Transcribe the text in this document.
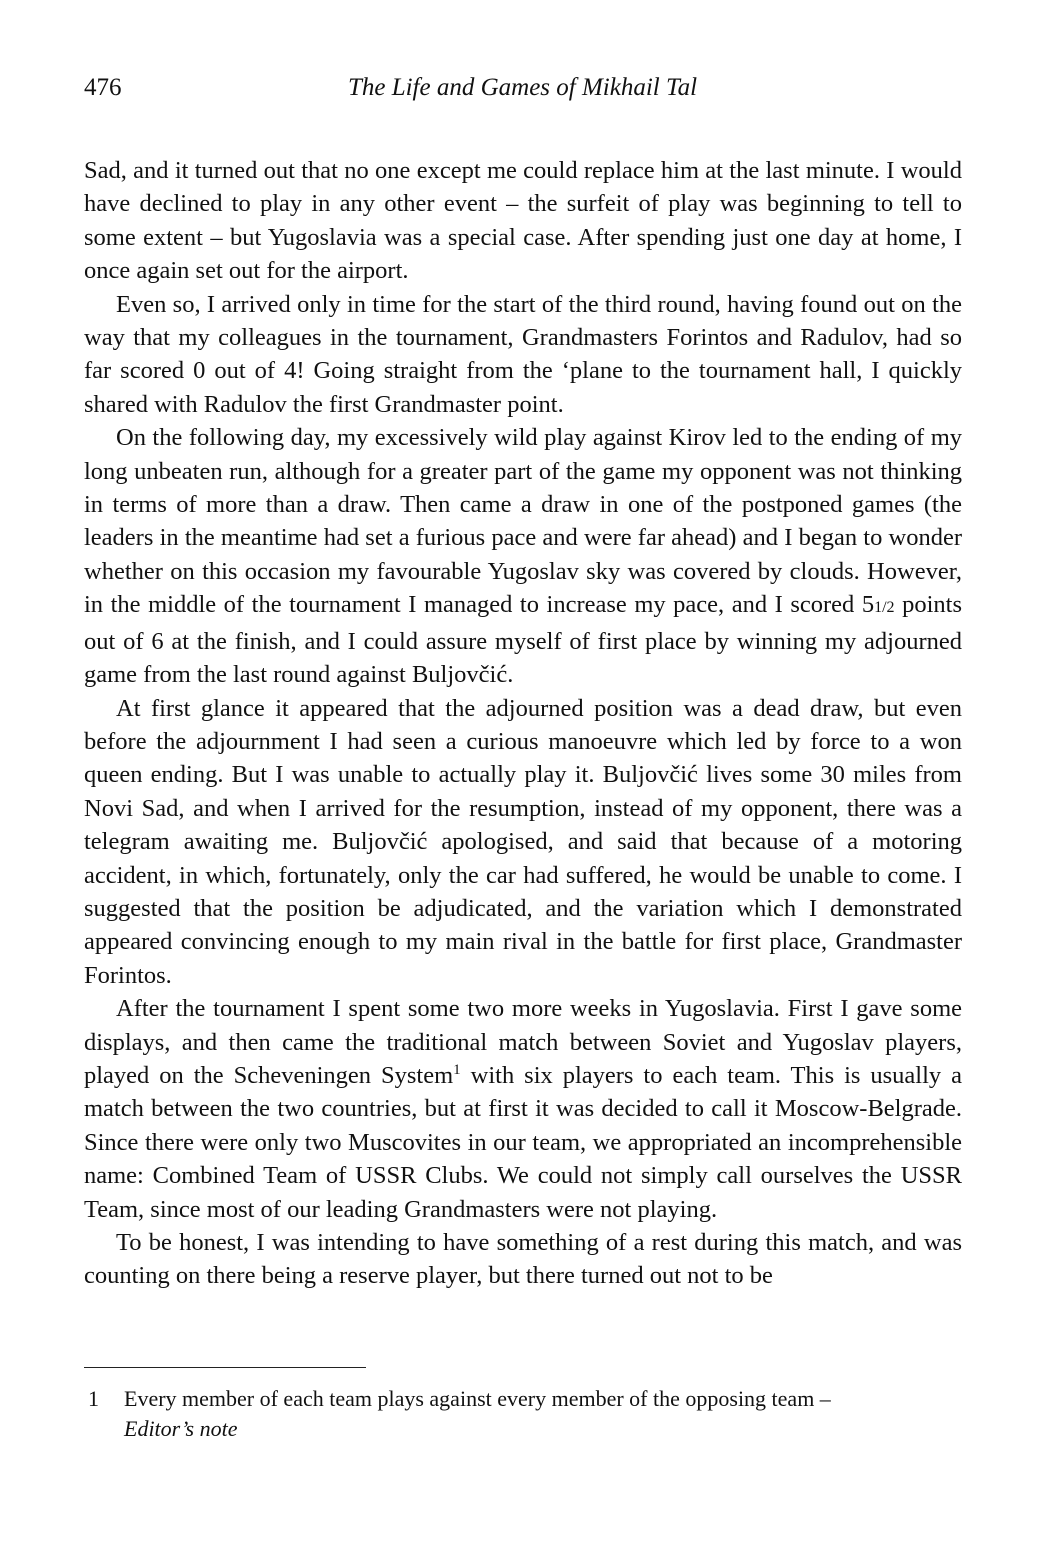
476	The Life and Games of Mikhail Tal

Sad, and it turned out that no one except me could replace him at the last minute. I would have declined to play in any other event – the surfeit of play was beginning to tell to some extent – but Yugoslavia was a special case. After spending just one day at home, I once again set out for the airport.

Even so, I arrived only in time for the start of the third round, having found out on the way that my colleagues in the tournament, Grandmasters Forintos and Radulov, had so far scored 0 out of 4! Going straight from the ‘plane to the tournament hall, I quickly shared with Radulov the first Grandmaster point.

On the following day, my excessively wild play against Kirov led to the ending of my long unbeaten run, although for a greater part of the game my opponent was not thinking in terms of more than a draw. Then came a draw in one of the postponed games (the leaders in the meantime had set a furious pace and were far ahead) and I began to wonder whether on this occasion my favourable Yugoslav sky was covered by clouds. However, in the middle of the tournament I managed to increase my pace, and I scored 51/2 points out of 6 at the finish, and I could assure myself of first place by winning my adjourned game from the last round against Buljovčić.

At first glance it appeared that the adjourned position was a dead draw, but even before the adjournment I had seen a curious manoeuvre which led by force to a won queen ending. But I was unable to actually play it. Buljovčić lives some 30 miles from Novi Sad, and when I arrived for the resumption, instead of my opponent, there was a telegram awaiting me. Buljovčić apologised, and said that because of a motoring accident, in which, fortunately, only the car had suffered, he would be unable to come. I suggested that the position be adjudicated, and the variation which I demonstrated appeared convincing enough to my main rival in the battle for first place, Grandmaster Forintos.

After the tournament I spent some two more weeks in Yugoslavia. First I gave some displays, and then came the traditional match between Soviet and Yugoslav players, played on the Scheveningen System$^1$ with six players to each team. This is usually a match between the two countries, but at first it was decided to call it Moscow-Belgrade. Since there were only two Muscovites in our team, we appropriated an incomprehensible name: Combined Team of USSR Clubs. We could not simply call ourselves the USSR Team, since most of our leading Grandmasters were not playing.

To be honest, I was intending to have something of a rest during this match, and was counting on there being a reserve player, but there turned out not to be

1 Every member of each team plays against every member of the opposing team –
Editor’s note
